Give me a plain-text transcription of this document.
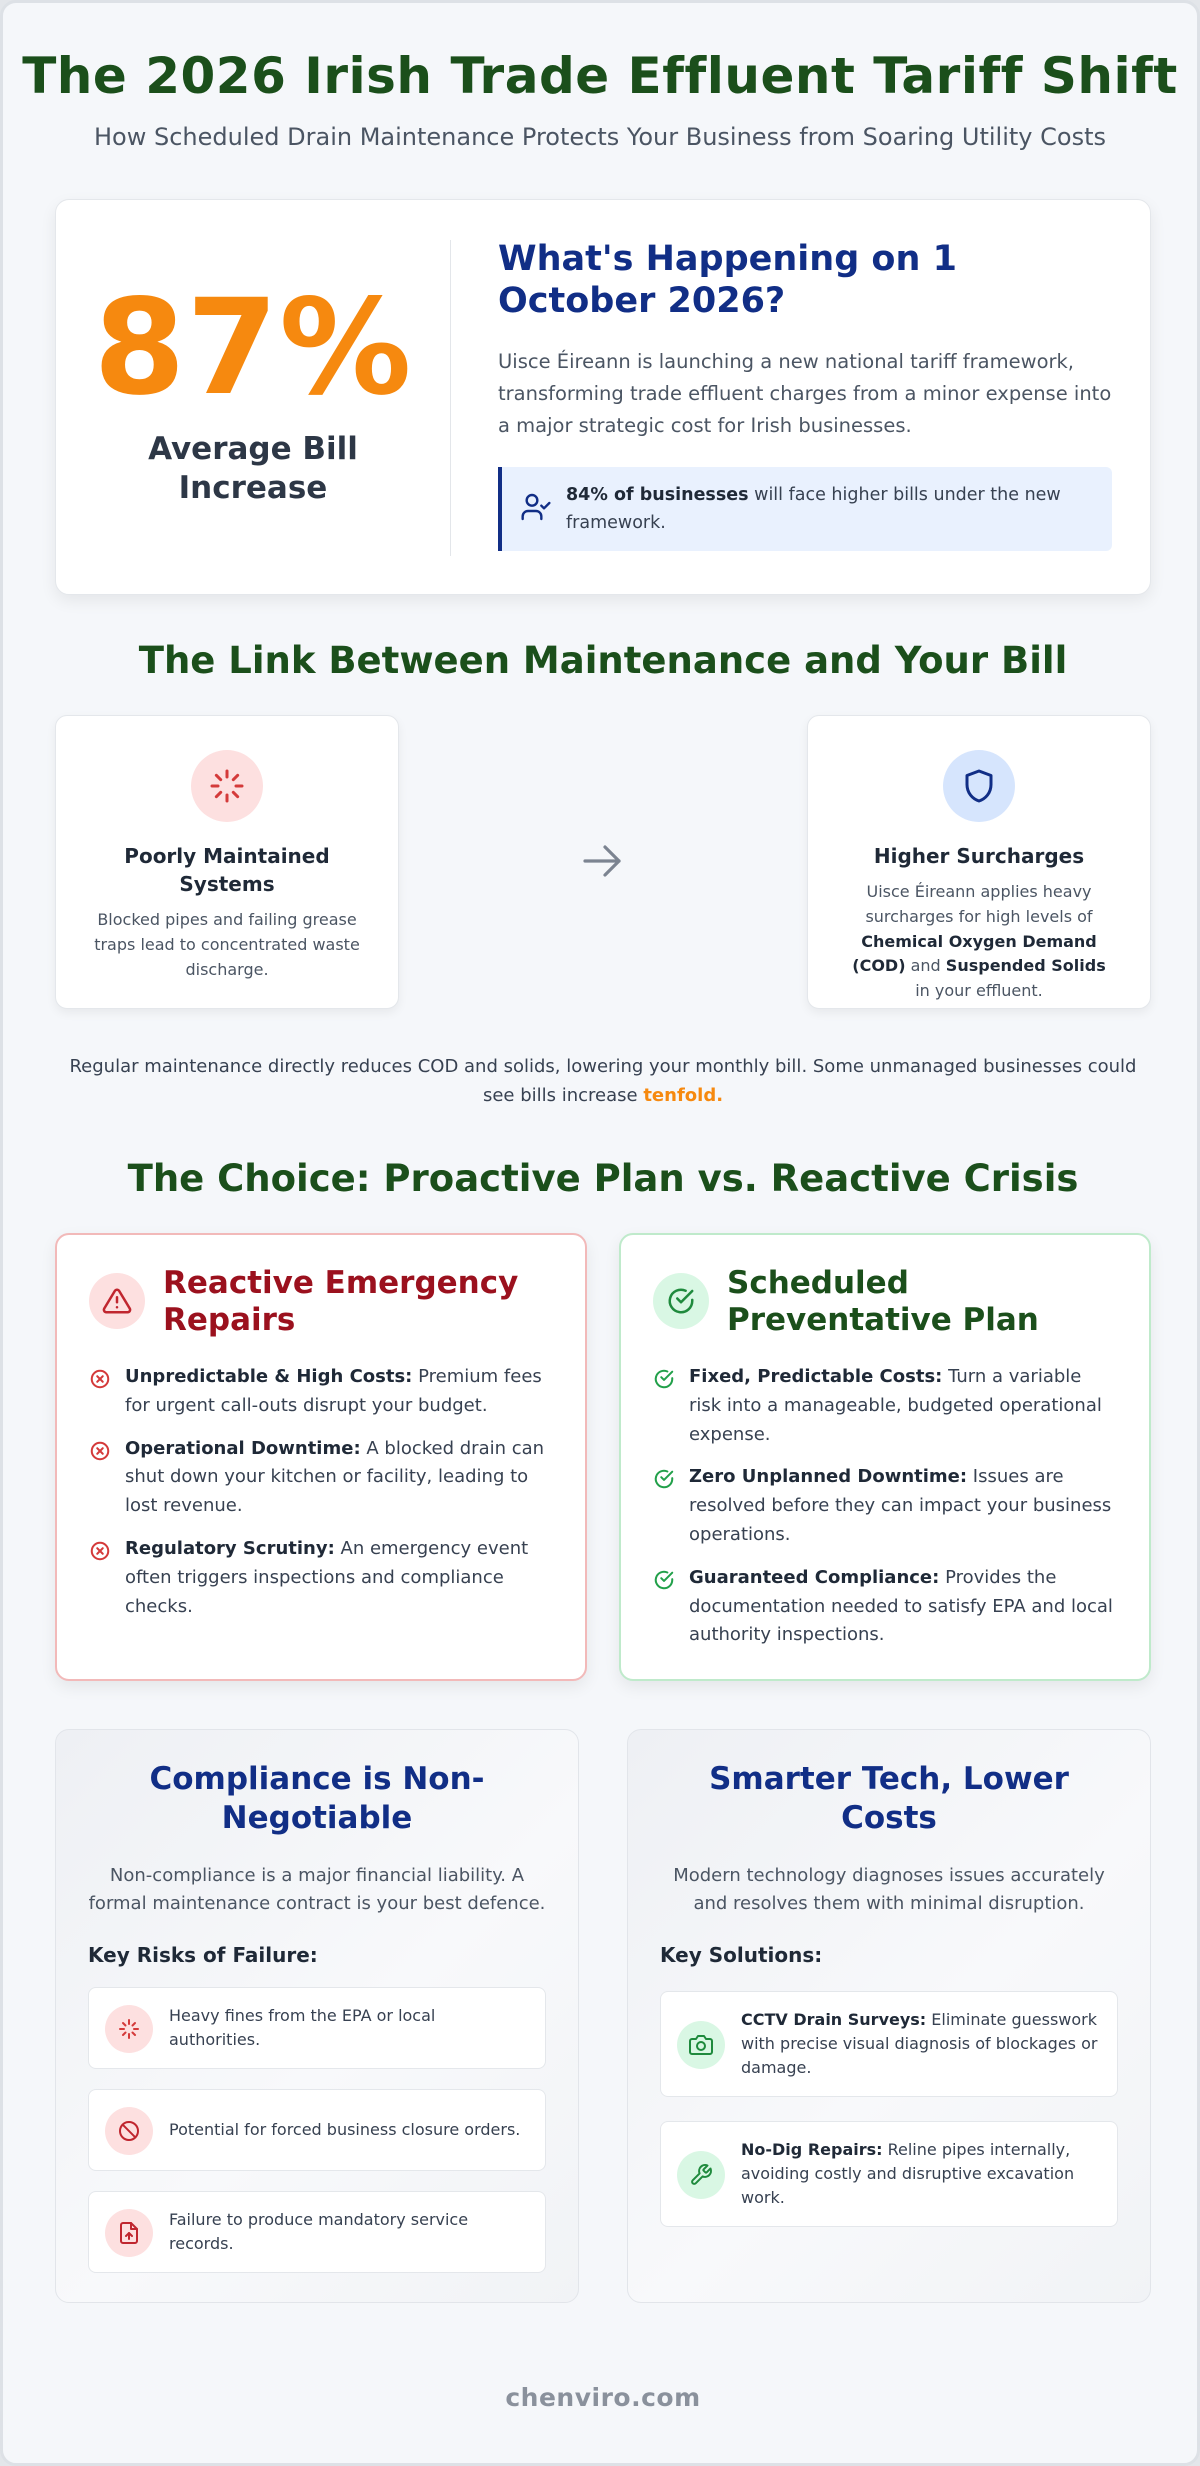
The 2026 Irish Trade Effluent Tariff Shift
How Scheduled Drain Maintenance Protects Your Business from Soaring Utility Costs
87%
Average Bill Increase
What's Happening on 1 October 2026?
Uisce Éireann is launching a new national tariff framework, transforming trade effluent charges from a minor expense into a major strategic cost for Irish businesses.
84% of businesses will face higher bills under the new framework.
The Link Between Maintenance and Your Bill
Poorly Maintained Systems

Blocked pipes and failing grease traps lead to concentrated waste discharge.

Higher Surcharges

Uisce Éireann applies heavy surcharges for high levels of Chemical Oxygen Demand (COD) and Suspended Solids in your effluent.

Regular maintenance directly reduces COD and solids, lowering your monthly bill. Some unmanaged businesses could see bills increase tenfold.
The Choice: Proactive Plan vs. Reactive Crisis
Reactive Emergency Repairs
Unpredictable & High Costs: Premium fees for urgent call-outs disrupt your budget.
Operational Downtime: A blocked drain can shut down your kitchen or facility, leading to lost revenue.
Regulatory Scrutiny: An emergency event often triggers inspections and compliance checks.
Scheduled Preventative Plan
Fixed, Predictable Costs: Turn a variable risk into a manageable, budgeted operational expense.
Zero Unplanned Downtime: Issues are resolved before they can impact your business operations.
Guaranteed Compliance: Provides the documentation needed to satisfy EPA and local authority inspections.
Compliance is Non-Negotiable
Non-compliance is a major financial liability. A formal maintenance contract is your best defence.
Key Risks of Failure:
Heavy fines from the EPA or local authorities.
Potential for forced business closure orders.
Failure to produce mandatory service records.
Smarter Tech, Lower Costs
Modern technology diagnoses issues accurately and resolves them with minimal disruption.
Key Solutions:
CCTV Drain Surveys: Eliminate guesswork with precise visual diagnosis of blockages or damage.
No-Dig Repairs: Reline pipes internally, avoiding costly and disruptive excavation work.
chenviro.com
